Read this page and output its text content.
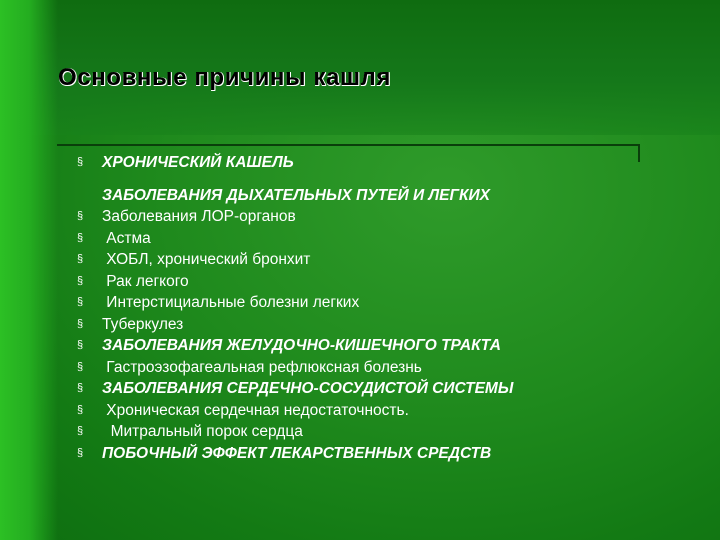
Основные причины кашля
§ ХРОНИЧЕСКИЙ КАШЕЛЬ
ЗАБОЛЕВАНИЯ ДЫХАТЕЛЬНЫХ ПУТЕЙ И ЛЕГКИХ
§ Заболевания ЛОР-органов
§ Астма
§ ХОБЛ, хронический бронхит
§ Рак легкого
§ Интерстициальные болезни легких
§ Туберкулез
§ ЗАБОЛЕВАНИЯ ЖЕЛУДОЧНО-КИШЕЧНОГО ТРАКТА
§ Гастроэзофагеальная рефлюксная болезнь
§ ЗАБОЛЕВАНИЯ СЕРДЕЧНО-СОСУДИСТОЙ СИСТЕМЫ
§ Хроническая сердечная недостаточность.
§ Митральный порок сердца
§ ПОБОЧНЫЙ ЭФФЕКТ ЛЕКАРСТВЕННЫХ СРЕДСТВ
